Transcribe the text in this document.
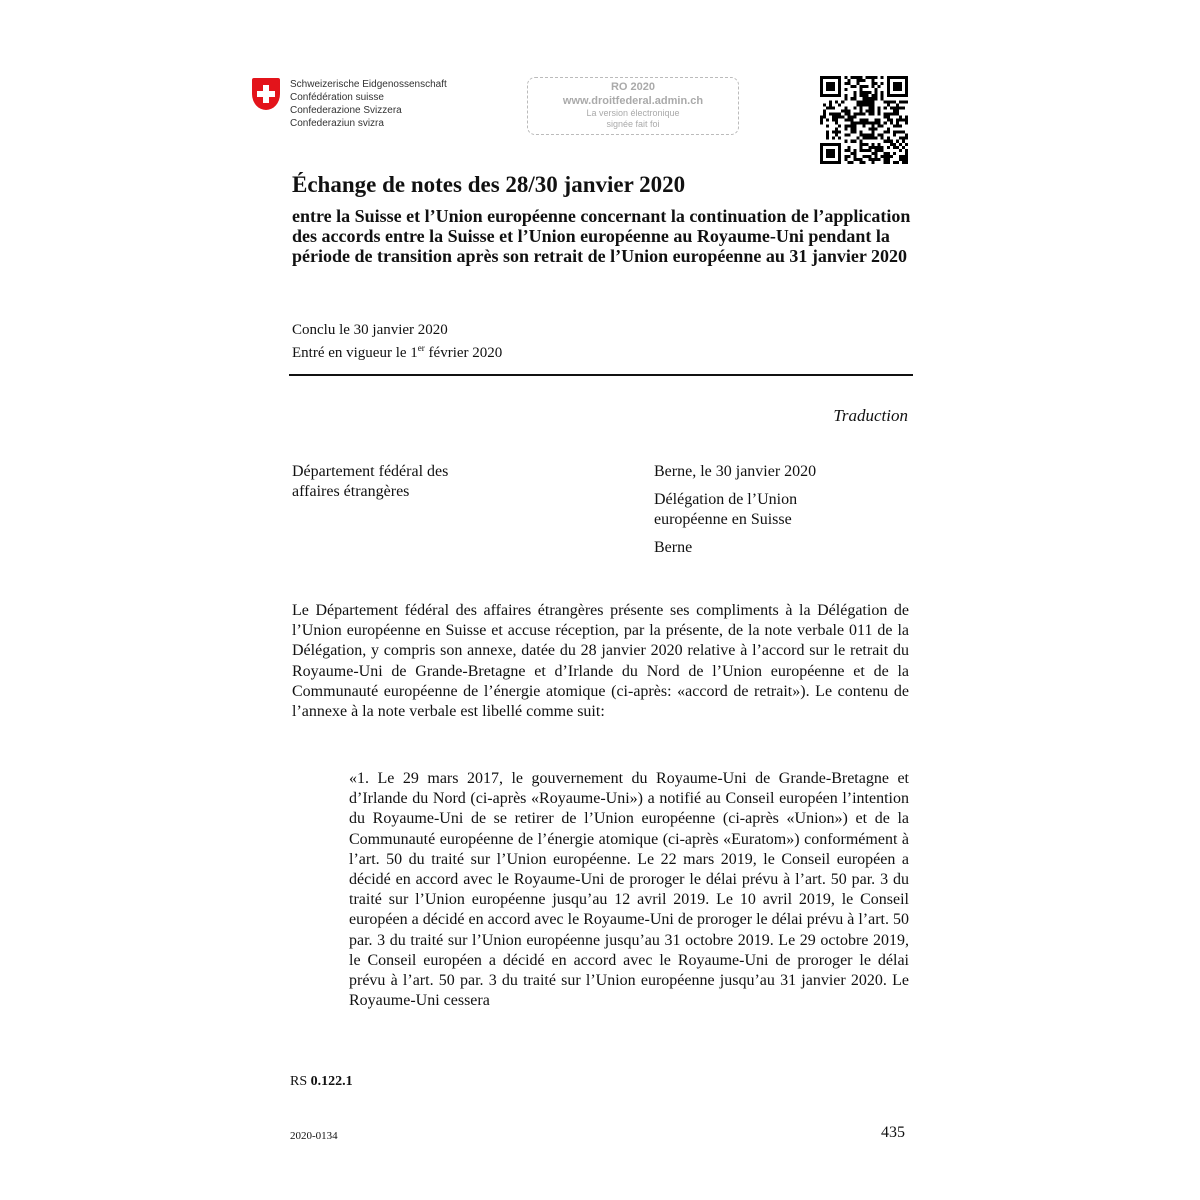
Schweizerische Eidgenossenschaft
Confédération suisse
Confederazione Svizzera
Confederaziun svizra
RO 2020
www.droitfederal.admin.ch
La version électronique
signée fait foi
Échange de notes des 28/30 janvier 2020
entre la Suisse et l’Union européenne concernant la continuation de l’application des accords entre la Suisse et l’Union européenne au Royaume-Uni pendant la période de transition après son retrait de l’Union européenne au 31 janvier 2020
Conclu le 30 janvier 2020
Entré en vigueur le 1er février 2020
Traduction
Département fédéral des
affaires étrangères
Berne, le 30 janvier 2020
Délégation de l’Union
européenne en Suisse
Berne
Le Département fédéral des affaires étrangères présente ses compliments à la Délégation de l’Union européenne en Suisse et accuse réception, par la présente, de la note verbale 011 de la Délégation, y compris son annexe, datée du 28 janvier 2020 relative à l’accord sur le retrait du Royaume-Uni de Grande-Bretagne et d’Irlande du Nord de l’Union européenne et de la Communauté européenne de l’énergie atomique (ci-après: «accord de retrait»). Le contenu de l’annexe à la note verbale est libellé comme suit:
«1. Le 29 mars 2017, le gouvernement du Royaume-Uni de Grande-Bretagne et d’Irlande du Nord (ci-après «Royaume-Uni») a notifié au Conseil européen l’intention du Royaume-Uni de se retirer de l’Union européenne (ci-après «Union») et de la Communauté européenne de l’énergie atomique (ci-après «Euratom») conformément à l’art. 50 du traité sur l’Union européenne. Le 22 mars 2019, le Conseil européen a décidé en accord avec le Royaume-Uni de proroger le délai prévu à l’art. 50 par. 3 du traité sur l’Union européenne jusqu’au 12 avril 2019. Le 10 avril 2019, le Conseil européen a décidé en accord avec le Royaume-Uni de proroger le délai prévu à l’art. 50 par. 3 du traité sur l’Union européenne jusqu’au 31 octobre 2019. Le 29 octobre 2019, le Conseil européen a décidé en accord avec le Royaume-Uni de proroger le délai prévu à l’art. 50 par. 3 du traité sur l’Union européenne jusqu’au 31 janvier 2020. Le Royaume-Uni cessera
RS 0.122.1
2020-0134	435
